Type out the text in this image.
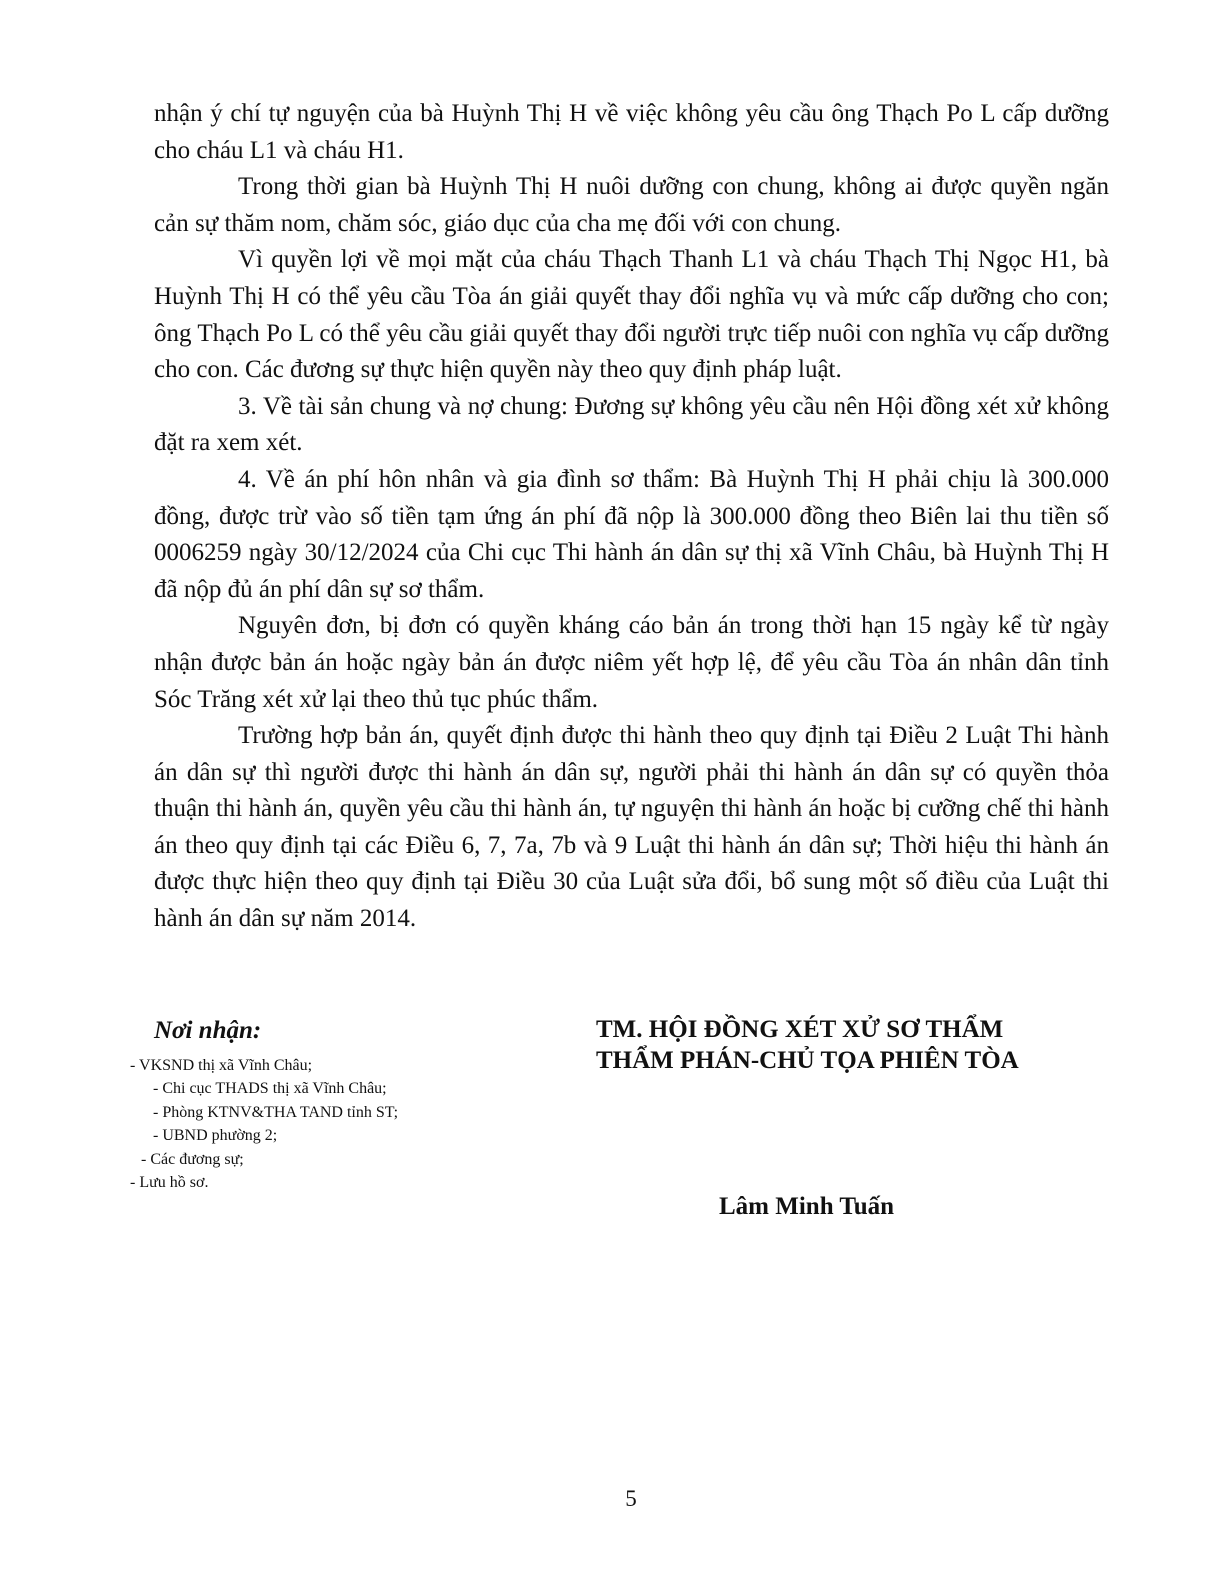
nhận ý chí tự nguyện của bà Huỳnh Thị H về việc không yêu cầu ông Thạch Po L cấp dưỡng cho cháu L1 và cháu H1.

Trong thời gian bà Huỳnh Thị H nuôi dưỡng con chung, không ai được quyền ngăn cản sự thăm nom, chăm sóc, giáo dục của cha mẹ đối với con chung.

Vì quyền lợi về mọi mặt của cháu Thạch Thanh L1 và cháu Thạch Thị Ngọc H1, bà Huỳnh Thị H có thể yêu cầu Tòa án giải quyết thay đổi nghĩa vụ và mức cấp dưỡng cho con; ông Thạch Po L có thể yêu cầu giải quyết thay đổi người trực tiếp nuôi con nghĩa vụ cấp dưỡng cho con. Các đương sự thực hiện quyền này theo quy định pháp luật.

3. Về tài sản chung và nợ chung: Đương sự không yêu cầu nên Hội đồng xét xử không đặt ra xem xét.

4. Về án phí hôn nhân và gia đình sơ thẩm: Bà Huỳnh Thị H phải chịu là 300.000 đồng, được trừ vào số tiền tạm ứng án phí đã nộp là 300.000 đồng theo Biên lai thu tiền số 0006259 ngày 30/12/2024 của Chi cục Thi hành án dân sự thị xã Vĩnh Châu, bà Huỳnh Thị H đã nộp đủ án phí dân sự sơ thẩm.

Nguyên đơn, bị đơn có quyền kháng cáo bản án trong thời hạn 15 ngày kể từ ngày nhận được bản án hoặc ngày bản án được niêm yết hợp lệ, để yêu cầu Tòa án nhân dân tỉnh Sóc Trăng xét xử lại theo thủ tục phúc thẩm.

Trường hợp bản án, quyết định được thi hành theo quy định tại Điều 2 Luật Thi hành án dân sự thì người được thi hành án dân sự, người phải thi hành án dân sự có quyền thỏa thuận thi hành án, quyền yêu cầu thi hành án, tự nguyện thi hành án hoặc bị cưỡng chế thi hành án theo quy định tại các Điều 6, 7, 7a, 7b và 9 Luật thi hành án dân sự; Thời hiệu thi hành án được thực hiện theo quy định tại Điều 30 của Luật sửa đổi, bổ sung một số điều của Luật thi hành án dân sự năm 2014.

Nơi nhận:
- VKSND thị xã Vĩnh Châu;
- Chi cục THADS thị xã Vĩnh Châu;
- Phòng KTNV&THA TAND tỉnh ST;
- UBND phường 2;
- Các đương sự;
- Lưu hồ sơ.
TM. HỘI ĐỒNG XÉT XỬ SƠ THẨM
THẨM PHÁN-CHỦ TỌA PHIÊN TÒA
Lâm Minh Tuấn
5
